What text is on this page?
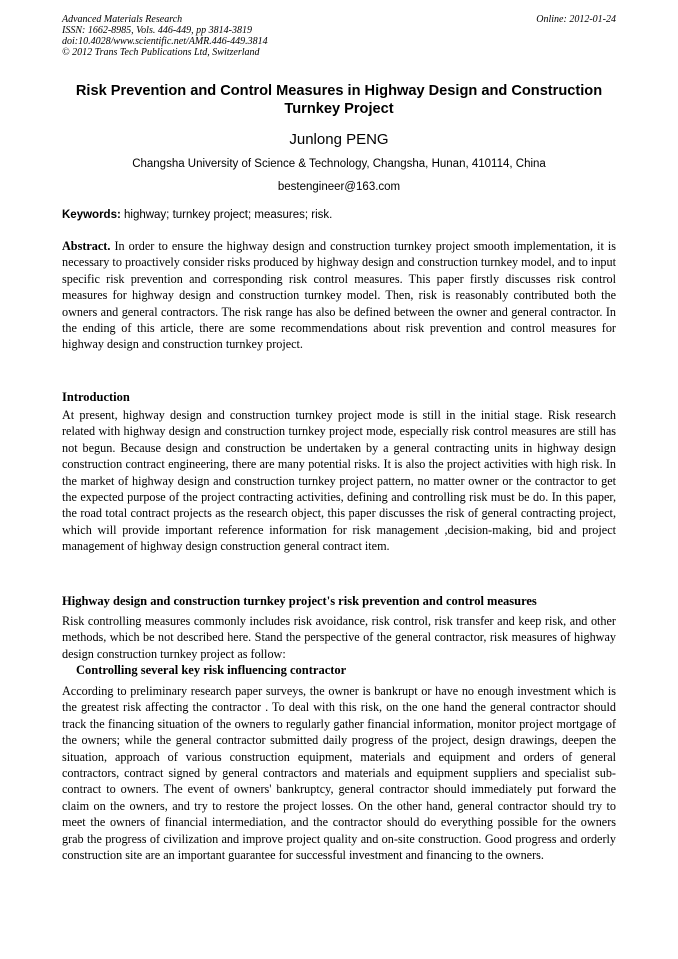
Advanced Materials Research
ISSN: 1662-8985, Vols. 446-449, pp 3814-3819
doi:10.4028/www.scientific.net/AMR.446-449.3814
© 2012 Trans Tech Publications Ltd, Switzerland
Online: 2012-01-24
Risk Prevention and Control Measures in Highway Design and Construction Turnkey Project
Junlong PENG
Changsha University of Science & Technology, Changsha, Hunan, 410114, China
bestengineer@163.com
Keywords: highway; turnkey project; measures; risk.
Abstract. In order to ensure the highway design and construction turnkey project smooth implementation, it is necessary to proactively consider risks produced by highway design and construction turnkey model, and to input specific risk prevention and corresponding risk control measures. This paper firstly discusses risk control measures for highway design and construction turnkey model. Then, risk is reasonably contributed both the owners and general contractors. The risk range has also be defined between the owner and general contractor. In the ending of this article, there are some recommendations about risk prevention and control measures for highway design and construction turnkey project.
Introduction
At present, highway design and construction turnkey project mode is still in the initial stage. Risk research related with highway design and construction turnkey project mode, especially risk control measures are still has not begun. Because design and construction be undertaken by a general contracting units in highway design construction contract engineering, there are many potential risks. It is also the project activities with high risk. In the market of highway design and construction turnkey project pattern, no matter owner or the contractor to get the expected purpose of the project contracting activities, defining and controlling risk must be do. In this paper, the road total contract projects as the research object, this paper discusses the risk of general contracting project, which will provide important reference information for risk management ,decision-making, bid and project management of highway design construction general contract item.
Highway design and construction turnkey project's risk prevention and control measures
Risk controlling measures commonly includes risk avoidance, risk control, risk transfer and keep risk, and other methods, which be not described here. Stand the perspective of the general contractor, risk measures of highway design construction turnkey project as follow:
Controlling several key risk influencing contractor
According to preliminary research paper surveys, the owner is bankrupt or have no enough investment which is the greatest risk affecting the contractor . To deal with this risk, on the one hand the general contractor should track the financing situation of the owners to regularly gather financial information, monitor project mortgage of the owners; while the general contractor submitted daily progress of the project, design drawings, deepen the situation, approach of various construction equipment, materials and equipment and orders of general contractors, contract signed by general contractors and materials and equipment suppliers and specialist sub-contract to owners. The event of owners' bankruptcy, general contractor should immediately put forward the claim on the owners, and try to restore the project losses. On the other hand, general contractor should try to meet the owners of financial intermediation, and the contractor should do everything possible for the owners grab the progress of civilization and improve project quality and on-site construction. Good progress and orderly construction site are an important guarantee for successful investment and financing to the owners.
